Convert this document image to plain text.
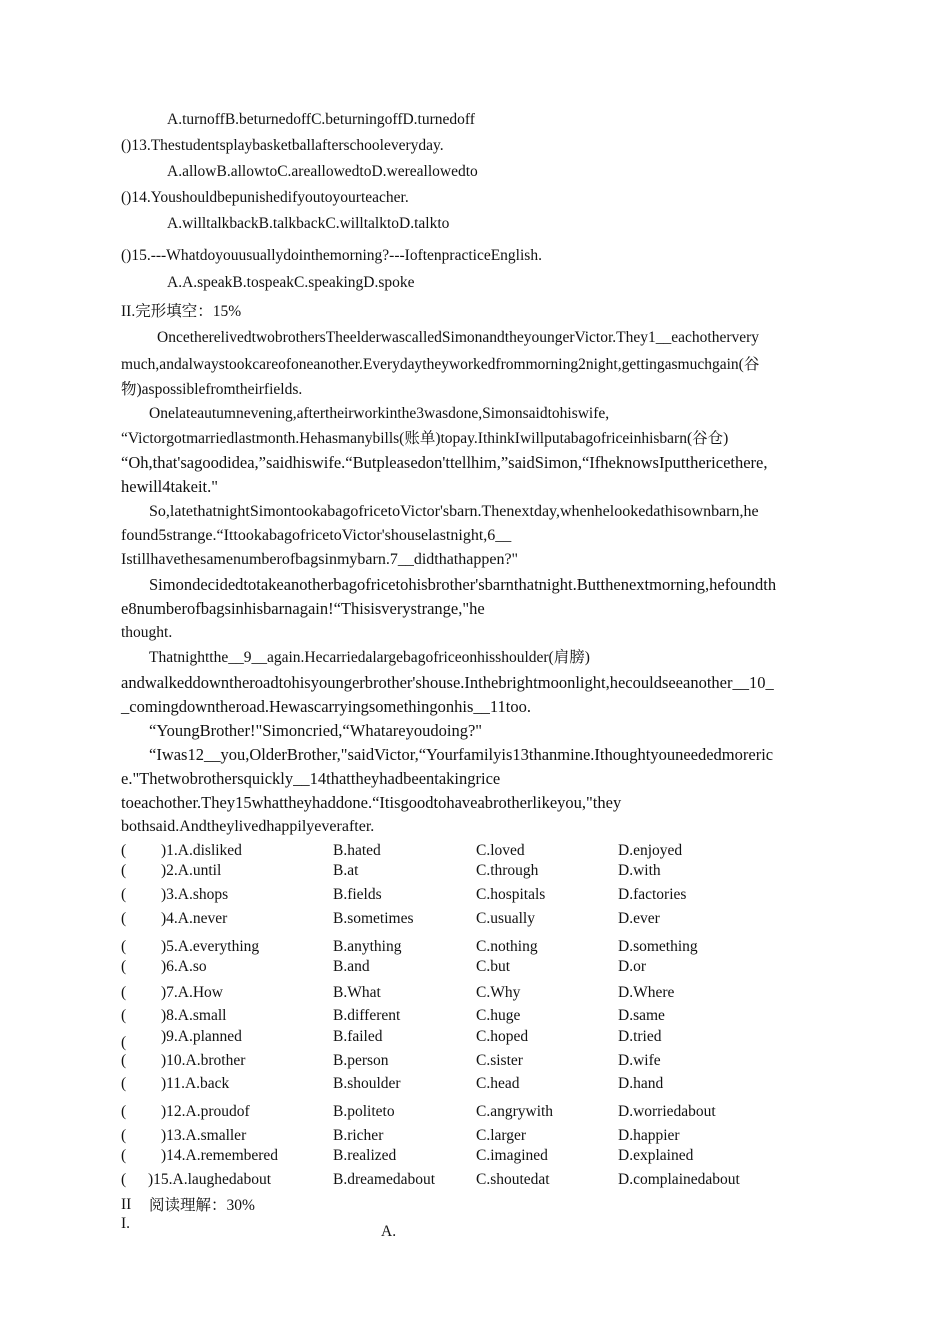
A.turnoffB.beturnedoffC.beturningoffD.turnedoff
()13.Thestudentsplaybasketballafterschooleveryday.
A.allowB.allowtoC.areallowedtoD.wereallowedto
()14.Youshouldbepunishedifyoutoyourteacher.
A.willtalkbackB.talkbackC.willtalktoD.talkto
()15.---Whatdoyouusuallydointhemorning?---IoftenpracticeEnglish.
A.A.speakB.tospeakC.speakingD.spoke
II.完形填空：15%
OncetherelivedtwobrothersTheelderwascalledSimonandtheyoungerVictor.They1__eachothervery
much,andalwaystookcareofoneanother.Everydaytheyworkedfrommorning2night,gettingasmuchgain(谷物)aspossiblefromtheirfields.
Onelateautumnevening,aftertheirworkinthe3wasdone,Simonsaidtohiswife,
“Victorgotmarriedlastmonth.Hehasmanybills(账单)topay.IthinkIwillputabagofriceinhisbarn(谷仓)
“Oh,that'sagoodidea,”saidhiswife.“Butpleasedon'ttellhim,”saidSimon,“IfheknowsIputthericethere,
hewill4takeit."
So,latethatnightSimontookabagofricetoVictor'sbarn.Thenextday,whenhelookedathisownbarn,he
found5strange.“IttookabagofricetoVictor'shouselastnight,6__
Istillhavethesamenumberofbagsinmybarn.7__didthathappen?"
Simondecidedtotakeanotherbagofricetohisbrother'sbarnthatnight.Butthenextmorning,hefoundth
e8numberofbagsinhisbarnagain!“Thisisverystrange,"he
thought.
Thatnightthe__9__again.Hecarriedalargebagofriceonhisshoulder(肩膀)
andwalkeddowntheroadtohisyoungerbrother'shouse.Inthebrightmoonlight,hecouldseeanother__10_
_comingdowntheroad.Hewascarryingsomethingonhis__11too.
“YoungBrother!"Simoncried,“Whatareyoudoing?"
“Iwas12__you,OlderBrother,"saidVictor,“Yourfamilyis13thanmine.Ithoughtyouneededmoreric
e."Thetwobrothersquickly__14thattheyhadbeentakingrice
toeachother.They15whattheyhaddone.“Itisgoodtohaveabrotherlikeyou,"they
bothsaid.Andtheylivedhappilyeverafter.
( )1.A.disliked	B.hated	C.loved	D.enjoyed
( )2.A.until	B.at	C.through	D.with
( )3.A.shops	B.fields	C.hospitals	D.factories
( )4.A.never	B.sometimes	C.usually	D.ever
( )5.A.everything	B.anything	C.nothing	D.something
( )6.A.so	B.and	C.but	D.or
( )7.A.How	B.What	C.Why	D.Where
( )8.A.small	B.different	C.huge	D.same
( )9.A.planned	B.failed	C.hoped	D.tried
( )10.A.brother	B.person	C.sister	D.wife
( )11.A.back	B.shoulder	C.head	D.hand
( )12.A.proudof	B.politeto	C.angrywith	D.worriedabout
( )13.A.smaller	B.richer	C.larger	D.happier
( )14.A.remembered	B.realized	C.imagined	D.explained
( )15.A.laughedabout	B.dreamedabout	C.shoutedat	D.complainedabout
II
I.
阅读理解：30%
A.
